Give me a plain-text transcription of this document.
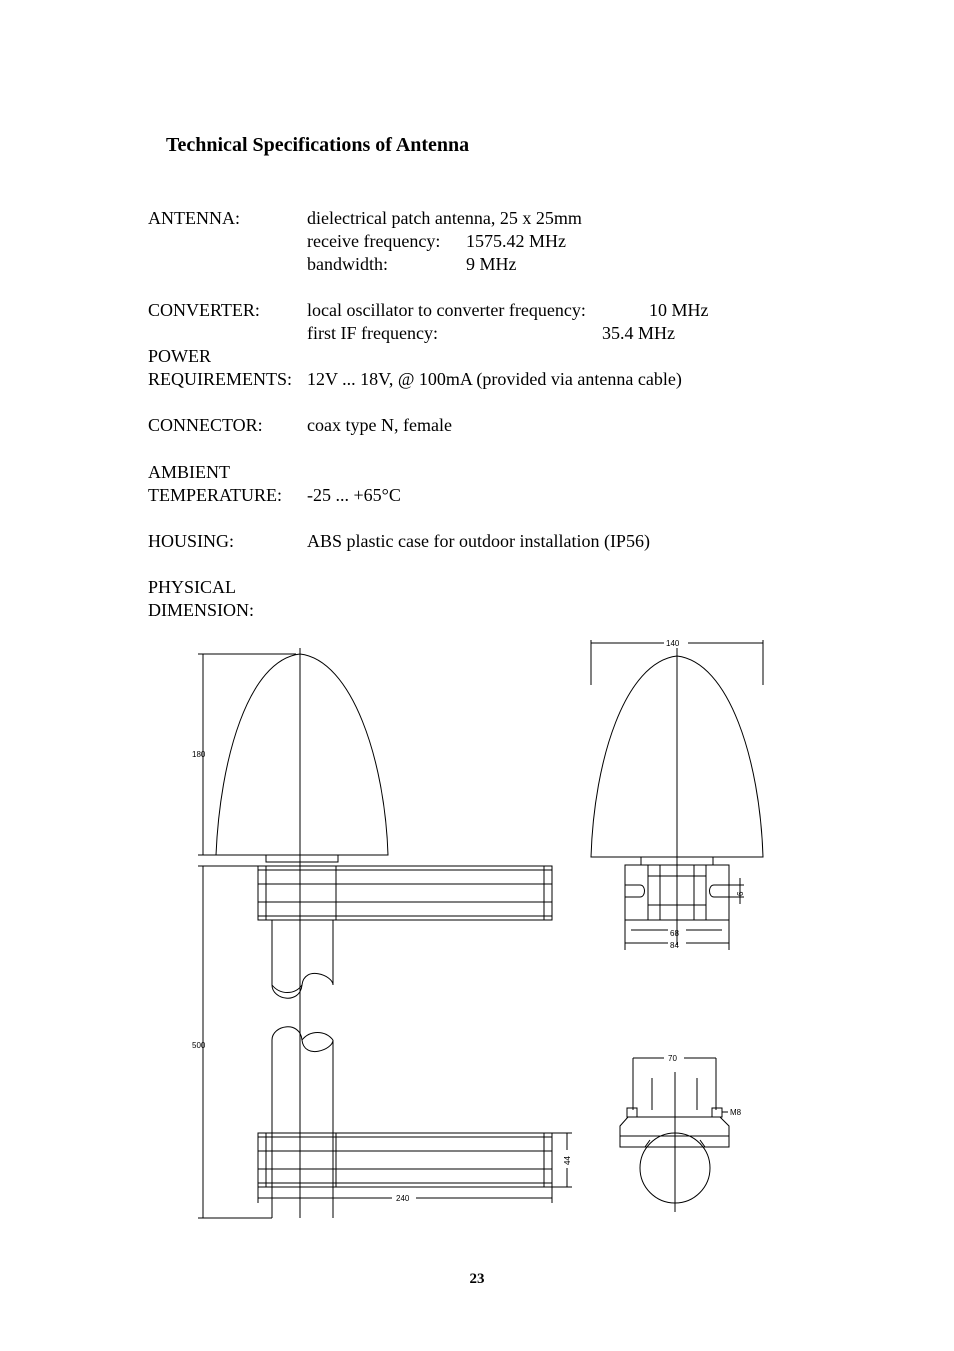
Technical Specifications of Antenna
ANTENNA:	dielectrical patch antenna, 25 x 25mm
receive frequency: 1575.42 MHz
bandwidth:	9 MHz
CONVERTER:	local oscillator to converter frequency:	10 MHz
first IF frequency:	35.4 MHz
POWER
REQUIREMENTS: 12V ... 18V, @ 100mA (provided via antenna cable)
CONNECTOR: coax type N, female
AMBIENT
TEMPERATURE: -25 ... +65°C
HOUSING:	ABS plastic case for outdoor installation (IP56)
PHYSICAL
DIMENSION:
180
500
240
44
140
68
84
6
70
M8
23
